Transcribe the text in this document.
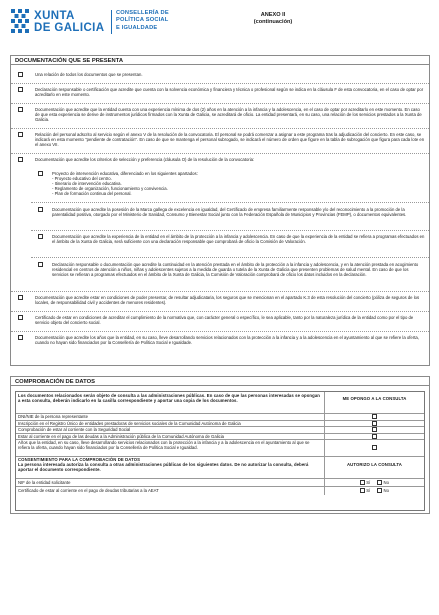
XUNTA
DE GALICIA
CONSELLERÍA DE
POLÍTICA SOCIAL
E IGUALDADE
ANEXO II
(continuación)
DOCUMENTACIÓN QUE SE PRESENTA
Una relación de todos los documentos que se presentan.
Declaración responsable o certificación que acredite que cuenta con la solvencia económica y financiera y técnica o profesional según se indica en la cláusula F de esta convocatoria, en el caso de optar por acreditarlo en este momento.
Documentación que acredite que la entidad cuenta con una experiencia mínima de dos (2) años en la atención a la infancia y la adolescencia, en el caso de optar por acreditarlo en este momento. En caso de que esta experiencia se derive de instrumentos jurídicos firmados con la Xunta de Galicia, se acreditará de oficio. La entidad presentará, en su caso, una relación de los servicios prestados a la Xunta de Galicia.
Relación del personal adscrito al servicio según el anexo V de la resolución de la convocatoria. El personal se podrá comenzar a asignar a este programa tras la adjudicación del concierto. En este caso, se indicará en esta momento "pendiente de contratación". En caso de que se mantenga el personal subrogado, se indicará el número de orden que figure en la tabla de subrogación que figura para cada lote en el anexo VII.
Documentación que acredite los criterios de selección y preferencia (cláusula O) de la resolución de la convocatoria:
Proyecto de intervención educativa, diferenciado en los siguientes apartados:
- Proyecto educativo del centro.
- Itinerario de intervención educativa.
- Reglamento de organización, funcionamiento y convivencia.
- Plan de formación continua del personal.
Documentación que acredite la posesión de la Marca gallega de excelencia en igualdad, del Certificado de empresa familiarmente responsable y/o del reconocimiento a la promoción de la parentalidad positiva, otorgado por el Ministerio de Sanidad, Consumo y Bienestar Social junto con la Federación Española de Municipios y Provincias (FEMP), o documentos equivalentes.
Documentación que acredite la experiencia de la entidad en el ámbito de la protección a la infancia y adolescencia. En caso de que la experiencia de la entidad se refiera a programas efectuados en el ámbito de la Xunta de Galicia, será suficiente con una declaración responsable que comprobará de oficio la Comisión de Valoración.
Declaración responsable o documentación que acredite la continuidad en la atención prestada en el ámbito de la protección a la infancia y adolescencia, y en la atención prestada en acogimiento residencial en centros de atención a niños, niñas y adolescentes sujetos a la medida de guarda o tutela de la Xunta de Galicia que presenten problemas de salud mental. En caso de que los servicios se refieran a programas efectuados en el ámbito de la Xunta de Galicia, la Comisión de Valoración comprobará de oficio los datos incluidos en la declaración.
Documentación que acredite estar en condiciones de poder presentar, de resultar adjudicataria, los seguros que se mencionan en el apartado K.3 de esta resolución del concierto (póliza de seguros de los locales, de responsabilidad civil y accidentes de menores residentes).
Certificado de estar en condiciones de acreditar el cumplimiento de la normativa que, con carácter general o específico, le sea aplicable, tanto por la naturaleza jurídica de la entidad como por el tipo de servicio objeto del concierto social.
Documentación que acredite los años que la entidad, en su caso, lleve desarrollando servicios relacionados con la protección a la infancia y a la adolescencia en el ayuntamiento al que se refiere la oferta, cuando no hayan sido financiados por la Consellería de Política Social e Igualdade.
COMPROBACIÓN DE DATOS
Los documentos relacionados serán objeto de consulta a las administraciones públicas. En caso de que las personas interesadas se opongan a esta consulta, deberán indicarlo en la casilla correspondiente y aportar una copia de los documentos.	ME OPONGO A LA CONSULTA
DNI/NIE de la persona representante
Inscripción en el Registro Único de entidades prestadoras de servicios sociales de la Comunidad Autónoma de Galicia
Comprobación de estar al corriente con la Seguridad Social
Estar al corriente en el pago de las deudas a la Administración pública de la Comunidad Autónoma de Galicia
Años que la entidad, en su caso, lleve desarrollando servicios relacionados con la protección a la infancia y a la adolescencia en el ayuntamiento al que se refiera la oferta, cuando hayan sido financiados por la Consellería de Política Social e Igualdad.
CONSENTIMIENTO PARA LA COMPROBACIÓN DE DATOS
La persona interesada autoriza la consulta a otras administraciones públicas de los siguientes datos. De no autorizar la consulta, deberá aportar el documento correspondiente.
AUTORIZO LA CONSULTA
NIF de la entidad solicitante	Sí	No
Certificado de estar al corriente en el pago de deudas tributarias a la AEAT	Sí	No
